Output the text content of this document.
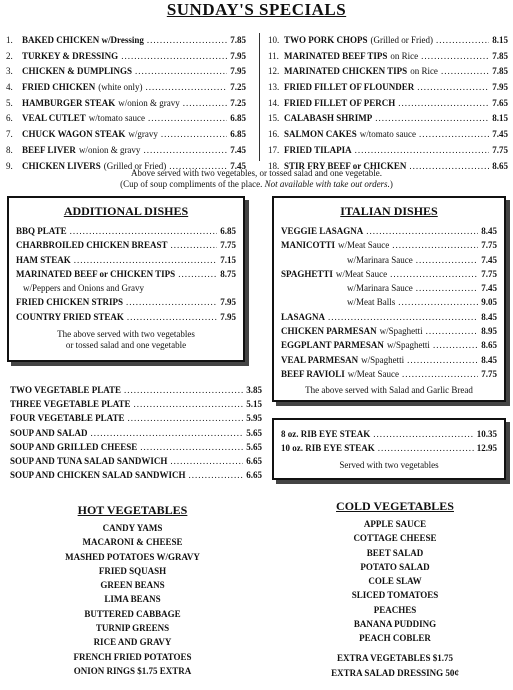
SUNDAY'S SPECIALS
1.	BAKED CHICKEN w/Dressing .....	7.85
2.	TURKEY & DRESSING .....	7.95
3.	CHICKEN & DUMPLINGS .....	7.95
4.	FRIED CHICKEN (white only) .....	7.25
5.	HAMBURGER STEAK w/onion & gravy .....	7.25
6.	VEAL CUTLET w/tomato sauce .....	6.85
7.	CHUCK WAGON STEAK w/gravy .....	6.85
8.	BEEF LIVER w/onion & gravy .....	7.45
9.	CHICKEN LIVERS (Grilled or Fried) .....	7.45
10. TWO PORK CHOPS (Grilled or Fried) .....	8.15
11. MARINATED BEEF TIPS on Rice .....	7.85
12. MARINATED CHICKEN TIPS on Rice .....	7.85
13. FRIED FILLET OF FLOUNDER .....	7.95
14. FRIED FILLET OF PERCH .....	7.65
15. CALABASH SHRIMP .....	8.15
16. SALMON CAKES w/tomato sauce .....	7.45
17. FRIED TILAPIA .....	7.75
18. STIR FRY BEEF or CHICKEN .....	8.65
Above served with two vegetables, or tossed salad and one vegetable.
(Cup of soup compliments of the place. Not available with take out orders.)
ADDITIONAL DISHES
BBQ PLATE .....	6.85
CHARBROILED CHICKEN BREAST .....	7.75
HAM STEAK .....	7.15
MARINATED BEEF or CHICKEN TIPS .....	8.75
w/Peppers and Onions and Gravy
FRIED CHICKEN STRIPS .....	7.95
COUNTRY FRIED STEAK .....	7.95
The above served with two vegetables
or tossed salad and one vegetable
ITALIAN DISHES
VEGGIE LASAGNA .....	8.45
MANICOTTI w/Meat Sauce .....	7.75
w/Marinara Sauce .....	7.45
SPAGHETTI w/Meat Sauce .....	7.75
w/Marinara Sauce .....	7.45
w/Meat Balls .....	9.05
LASAGNA .....	8.45
CHICKEN PARMESAN w/Spaghetti .....	8.95
EGGPLANT PARMESAN w/Spaghetti .....	8.65
VEAL PARMESAN w/Spaghetti .....	8.45
BEEF RAVIOLI w/Meat Sauce .....	7.75
The above served with Salad and Garlic Bread
TWO VEGETABLE PLATE .....	3.85
THREE VEGETABLE PLATE .....	5.15
FOUR VEGETABLE PLATE .....	5.95
SOUP AND SALAD .....	5.65
SOUP AND GRILLED CHEESE .....	5.65
SOUP AND TUNA SALAD SANDWICH .....	6.65
SOUP AND CHICKEN SALAD SANDWICH .....	6.65
8 oz. RIB EYE STEAK .....	10.35
10 oz. RIB EYE STEAK .....	12.95
Served with two vegetables
HOT VEGETABLES
CANDY YAMS
MACARONI & CHEESE
MASHED POTATOES W/GRAVY
FRIED SQUASH
GREEN BEANS
LIMA BEANS
BUTTERED CABBAGE
TURNIP GREENS
RICE AND GRAVY
FRENCH FRIED POTATOES
ONION RINGS $1.75 EXTRA
COLD VEGETABLES
APPLE SAUCE
COTTAGE CHEESE
BEET SALAD
POTATO SALAD
COLE SLAW
SLICED TOMATOES
PEACHES
BANANA PUDDING
PEACH COBLER
EXTRA VEGETABLES $1.75
EXTRA SALAD DRESSING 50¢
